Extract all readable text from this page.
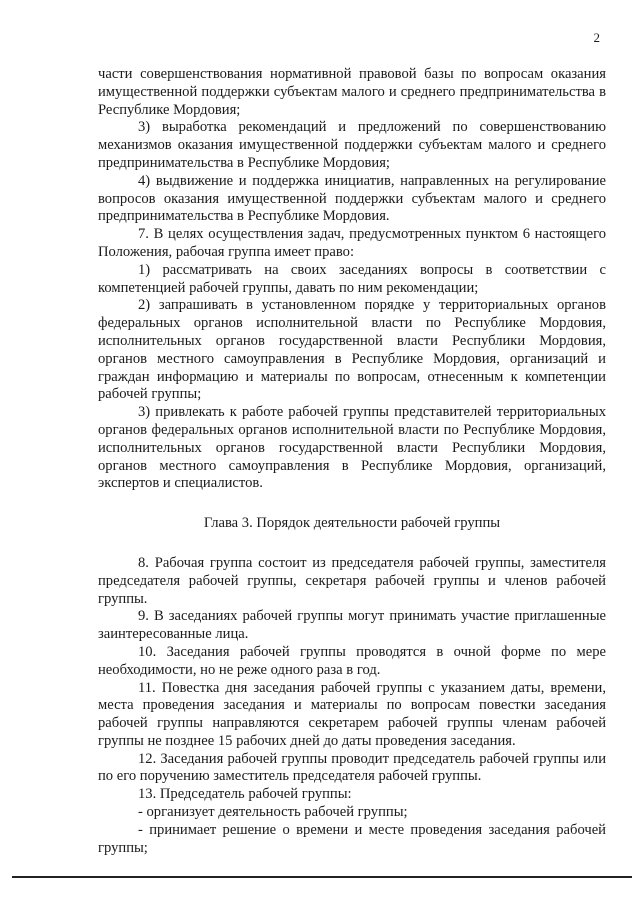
2

части совершенствования нормативной правовой базы по вопросам оказания имущественной поддержки субъектам малого и среднего предпринимательства в Республике Мордовия;

3) выработка рекомендаций и предложений по совершенствованию механизмов оказания имущественной поддержки субъектам малого и среднего предпринимательства в Республике Мордовия;

4) выдвижение и поддержка инициатив, направленных на регулирование вопросов оказания имущественной поддержки субъектам малого и среднего предпринимательства в Республике Мордовия.

7. В целях осуществления задач, предусмотренных пунктом 6 настоящего Положения, рабочая группа имеет право:

1) рассматривать на своих заседаниях вопросы в соответствии с компетенцией рабочей группы, давать по ним рекомендации;

2) запрашивать в установленном порядке у территориальных органов федеральных органов исполнительной власти по Республике Мордовия, исполнительных органов государственной власти Республики Мордовия, органов местного самоуправления в Республике Мордовия, организаций и граждан информацию и материалы по вопросам, отнесенным к компетенции рабочей группы;

3) привлекать к работе рабочей группы представителей территориальных органов федеральных органов исполнительной власти по Республике Мордовия, исполнительных органов государственной власти Республики Мордовия, органов местного самоуправления в Республике Мордовия, организаций, экспертов и специалистов.

Глава 3. Порядок деятельности рабочей группы

8. Рабочая группа состоит из председателя рабочей группы, заместителя председателя рабочей группы, секретаря рабочей группы и членов рабочей группы.

9. В заседаниях рабочей группы могут принимать участие приглашенные заинтересованные лица.

10. Заседания рабочей группы проводятся в очной форме по мере необходимости, но не реже одного раза в год.

11. Повестка дня заседания рабочей группы с указанием даты, времени, места проведения заседания и материалы по вопросам повестки заседания рабочей группы направляются секретарем рабочей группы членам рабочей группы не позднее 15 рабочих дней до даты проведения заседания.

12. Заседания рабочей группы проводит председатель рабочей группы или по его поручению заместитель председателя рабочей группы.

13. Председатель рабочей группы:

- организует деятельность рабочей группы;

- принимает решение о времени и месте проведения заседания рабочей группы;
